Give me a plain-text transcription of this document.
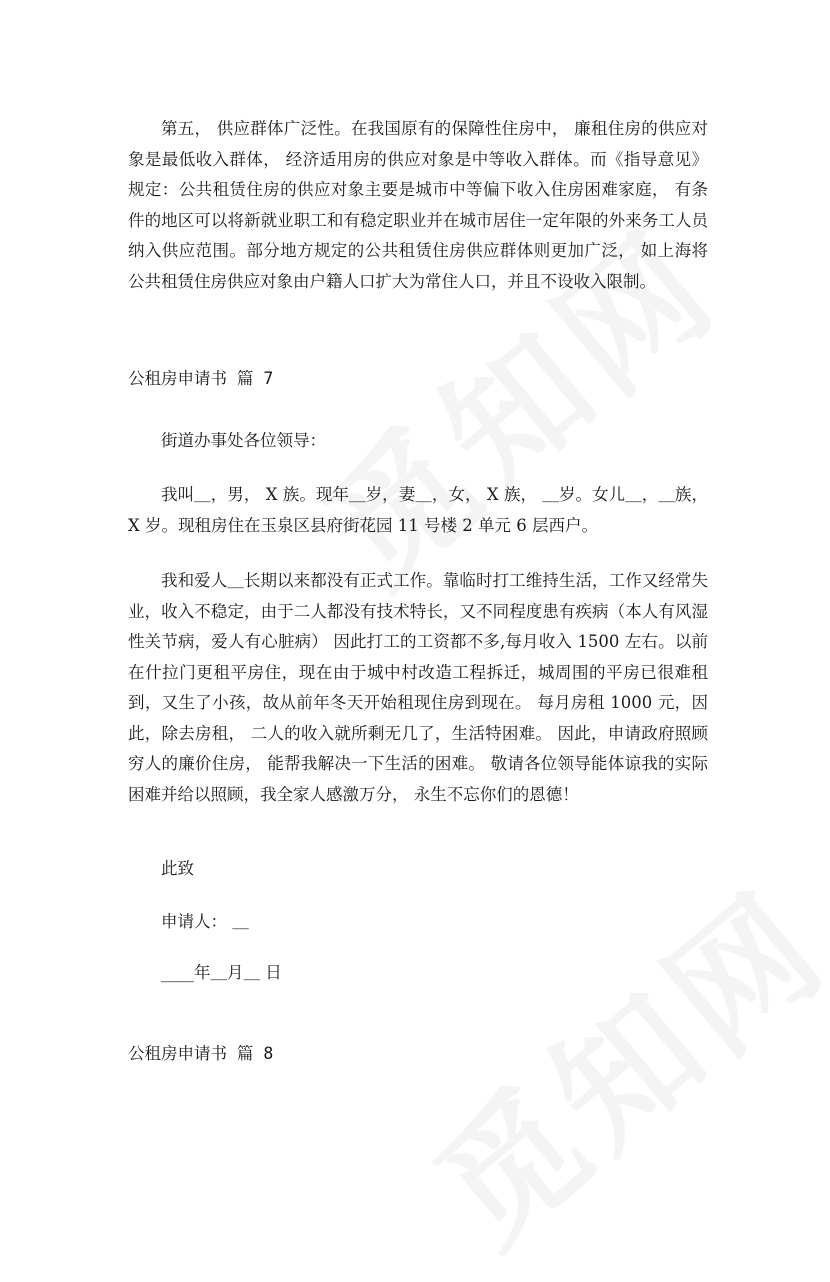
第五， 供应群体广泛性。在我国原有的保障性住房中， 廉租住房的供应对象是最低收入群体， 经济适用房的供应对象是中等收入群体。而《指导意见》规定：公共租赁住房的供应对象主要是城市中等偏下收入住房困难家庭， 有条件的地区可以将新就业职工和有稳定职业并在城市居住一定年限的外来务工人员纳入供应范围。部分地方规定的公共租赁住房供应群体则更加广泛， 如上海将公共租赁住房供应对象由户籍人口扩大为常住人口，并且不设收入限制。

公租房申请书 篇 7

街道办事处各位领导：

我叫＿，男， X 族。现年＿岁，妻＿，女， X 族， ＿岁。女儿＿，＿族， X 岁。现租房住在玉泉区县府街花园 11 号楼 2 单元 6 层西户。

我和爱人＿长期以来都没有正式工作。靠临时打工维持生活，工作又经常失业，收入不稳定，由于二人都没有技术特长，又不同程度患有疾病（本人有风湿性关节病，爱人有心脏病） 因此打工的工资都不多,每月收入 1500 左右。以前在什拉门更租平房住，现在由于城中村改造工程拆迁，城周围的平房已很难租到，又生了小孩，故从前年冬天开始租现住房到现在。 每月房租 1000 元，因此，除去房租， 二人的收入就所剩无几了，生活特困难。 因此，申请政府照顾穷人的廉价住房， 能帮我解决一下生活的困难。 敬请各位领导能体谅我的实际困难并给以照顾，我全家人感激万分， 永生不忘你们的恩德！

此致

申请人： ＿

____年＿月＿ 日

公租房申请书 篇 8
